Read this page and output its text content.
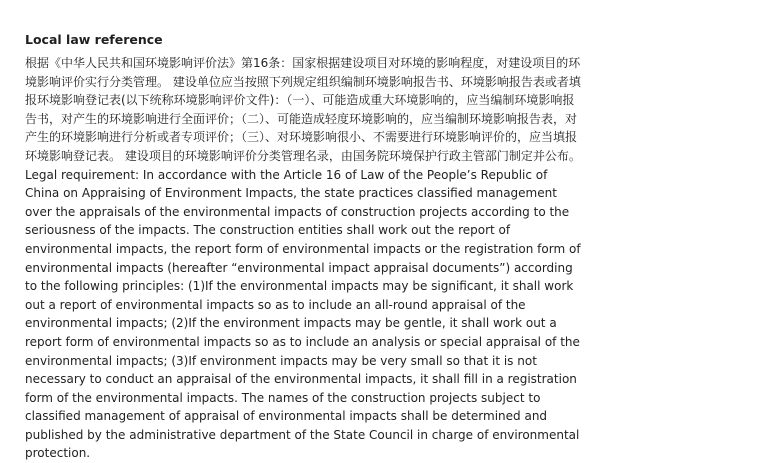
Local law reference

根据《中华人民共和国环境影响评价法》第16条：国家根据建设项目对环境的影响程度，对建设项目的环境影响评价实行分类管理。 建设单位应当按照下列规定组织编制环境影响报告书、环境影响报告表或者填报环境影响登记表(以下统称环境影响评价文件)：（一）、可能造成重大环境影响的，应当编制环境影响报告书，对产生的环境影响进行全面评价；（二）、可能造成轻度环境影响的，应当编制环境影响报告表，对产生的环境影响进行分析或者专项评价；（三）、对环境影响很小、不需要进行环境影响评价的，应当填报环境影响登记表。 建设项目的环境影响评价分类管理名录，由国务院环境保护行政主管部门制定并公布。Legal requirement: In accordance with the Article 16 of Law of the People’s Republic of China on Appraising of Environment Impacts, the state practices classified management over the appraisals of the environmental impacts of construction projects according to the seriousness of the impacts. The construction entities shall work out the report of environmental impacts, the report form of environmental impacts or the registration form of environmental impacts (hereafter “environmental impact appraisal documents”) according to the following principles: (1)If the environmental impacts may be significant, it shall work out a report of environmental impacts so as to include an all-round appraisal of the environmental impacts; (2)If the environment impacts may be gentle, it shall work out a report form of environmental impacts so as to include an analysis or special appraisal of the environmental impacts; (3)If environment impacts may be very small so that it is not necessary to conduct an appraisal of the environmental impacts, it shall fill in a registration form of the environmental impacts. The names of the construction projects subject to classified management of appraisal of environmental impacts shall be determined and published by the administrative department of the State Council in charge of environmental protection.
